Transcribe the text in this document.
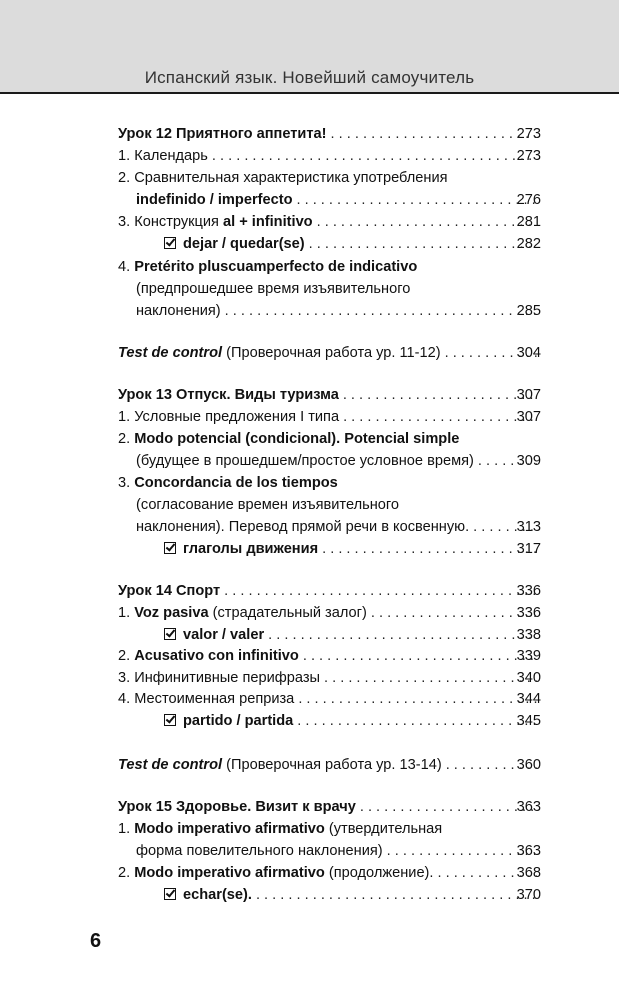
Испанский язык. Новейший самоучитель
273
Урок 12 Приятного аппетита!
. . .
273
1. Календарь
. . .
2. Сравнительная характеристика употребления
276
indefinido / imperfecto
. . .
281
3. Конструкция al + infinitivo
. . .
282
dejar / quedar(se)
. . .
4. Pretérito pluscuamperfecto de indicativo
(предпрошедшее время изъявительного
285
наклонения)
. . .
304
Test de control (Проверочная работа ур. 11-12)
. . .
307
Урок 13 Отпуск. Виды туризма
. . .
307
1. Условные предложения I типа
. . .
2. Modo potencial (condicional). Potencial simple
309
(будущее в прошедшем/простое условное время)
. . .
3. Concordancia de los tiempos
(согласование времен изъявительного
313
наклонения). Перевод прямой речи в косвенную.
. . .
317
глаголы движения
. . .
336
Урок 14 Спорт
. . .
336
1. Voz pasiva (страдательный залог)
. . .
338
valor / valer
. . .
339
2. Acusativo con infinitivo
. . .
340
3. Инфинитивные перифразы
. . .
344
4. Местоименная реприза
. . .
345
partido / partida
. . .
360
Test de control (Проверочная работа ур. 13-14)
. . .
363
Урок 15 Здоровье. Визит к врачу
. . .
1. Modo imperativo afirmativo (утвердительная
363
форма повелительного наклонения)
. . .
368
2. Modo imperativo afirmativo (продолжение).
. . .
370
echar(se).
. . .
6
